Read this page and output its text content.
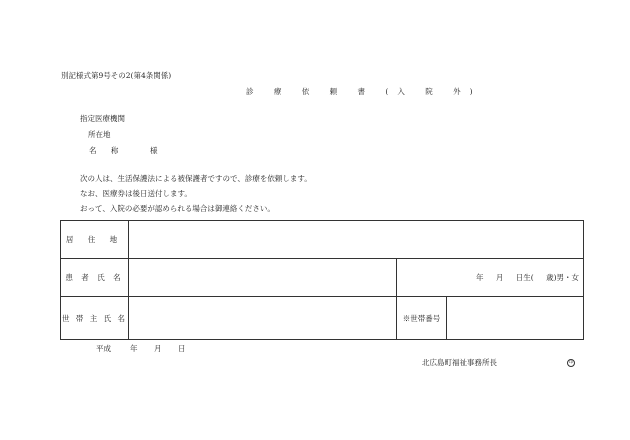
別記様式第9号その2(第4条関係)
診 療 依 頼 書 (入 院 外)
指定医療機関
所在地
名 称	様
次の人は、生活保護法による被保護者ですので、診療を依頼します。
なお、医療券は後日送付します。
おって、入院の必要が認められる場合は御連絡ください。
居 住 地			
患 者 氏 名		年 月 日生( 歳)男・女	
世 帯 主 氏 名		※世帯番号	
平成	年 月 日
北広島町福祉事務所長	印
